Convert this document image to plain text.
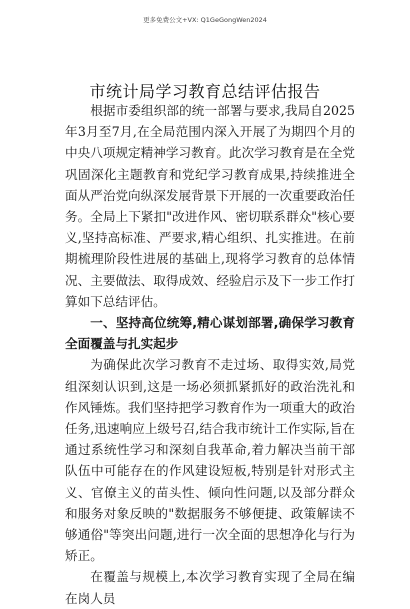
更多免费公文+VX: Q1GeGongWen2024
市统计局学习教育总结评估报告

根据市委组织部的统一部署与要求,我局自2025年3月至7月,在全局范围内深入开展了为期四个月的中央八项规定精神学习教育。此次学习教育是在全党巩固深化主题教育和党纪学习教育成果,持续推进全面从严治党向纵深发展背景下开展的一次重要政治任务。全局上下紧扣"改进作风、密切联系群众"核心要义,坚持高标准、严要求,精心组织、扎实推进。在前期梳理阶段性进展的基础上,现将学习教育的总体情况、主要做法、取得成效、经验启示及下一步工作打算如下总结评估。

一、坚持高位统筹,精心谋划部署,确保学习教育全面覆盖与扎实起步

为确保此次学习教育不走过场、取得实效,局党组深刻认识到,这是一场必须抓紧抓好的政治洗礼和作风锤炼。我们坚持把学习教育作为一项重大的政治任务,迅速响应上级号召,结合我市统计工作实际,旨在通过系统性学习和深刻自我革命,着力解决当前干部队伍中可能存在的作风建设短板,特别是针对形式主义、官僚主义的苗头性、倾向性问题,以及部分群众和服务对象反映的"数据服务不够便捷、政策解读不够通俗"等突出问题,进行一次全面的思想净化与行为矫正。

在覆盖与规模上,本次学习教育实现了全局在编在岗人员
